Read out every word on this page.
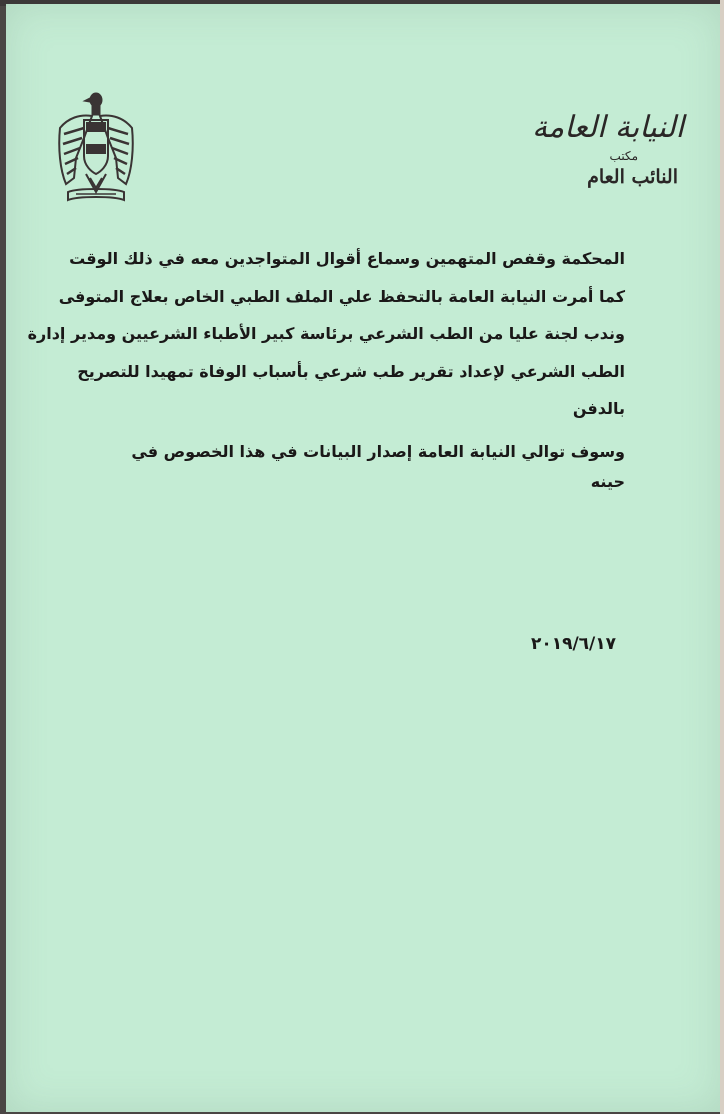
النيابة العامة
مكتب
النائب العام
المحكمة وقفص المتهمين وسماع أقوال المتواجدين معه في ذلك الوقت
كما أمرت النيابة العامة بالتحفظ علي الملف الطبي الخاص بعلاج المتوفى
وندب لجنة عليا من الطب الشرعي برئاسة كبير الأطباء الشرعيين ومدير إدارة
الطب الشرعي لإعداد تقرير طب شرعي بأسباب الوفاة تمهيدا للتصريح
بالدفن
وسوف توالي النيابة العامة إصدار البيانات في هذا الخصوص في حينه
٢٠١٩/٦/١٧
